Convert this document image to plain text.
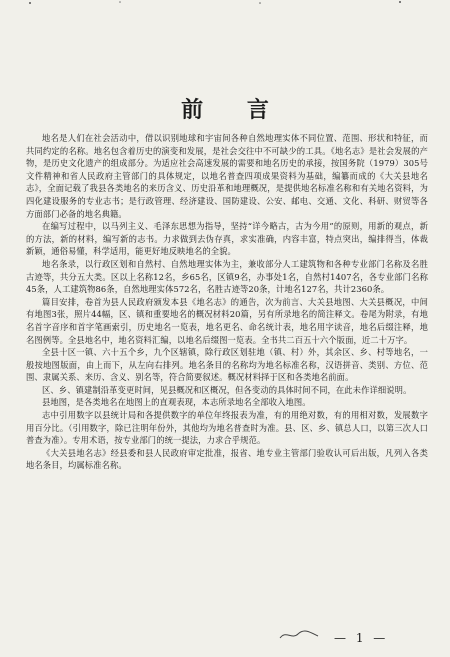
前 言

地名是人们在社会活动中，借以识别地球和宇宙间各种自然地理实体不同位置、范围、形状和特征，而共同约定的名称。地名包含着历史的演变和发展，是社会交往中不可缺少的工具。《地名志》是社会发展的产物，是历史文化遗产的组成部分。为适应社会高速发展的需要和地名历史的承接，按国务院（1979）305号文件精神和省人民政府主管部门的具体规定，以地名普查四项成果资料为基础，编纂而成的《大关县地名志》，全面记载了我县各类地名的来历含义、历史沿革和地理概况，是提供地名标准名称和有关地名资料，为四化建设服务的专业志书；是行政管理、经济建设、国防建设、公安、邮电、交通、文化、科研、财贸等各方面部门必备的地名典籍。

在编写过程中，以马列主义、毛泽东思想为指导，坚持“详今略古，古为今用”的原则，用新的观点，新的方法，新的材料，编写新的志书。力求做到去伪存真，求实准确，内容丰富，特点突出，编排得当，体裁新颖，通俗易懂，科学适用，能更好地反映地名的全貌。

地名条录，以行政区划和自然村、自然地理实体为主，兼收部分人工建筑物和各种专业部门名称及名胜古迹等，共分五大类。区以上名称12名，乡65名，区镇9名，办事处1名，自然村1407名，各专业部门名称45条，人工建筑物86条，自然地理实体572名，名胜古迹等20条，计地名127名，共计2360条。

篇目安排，卷首为县人民政府颁发本县《地名志》的通告，次为前言、大关县地图、大关县概况，中间有地图3张，照片44幅，区、镇和重要地名的概况材料20篇，另有所录地名的简注释文。卷尾为附录，有地名首字音序和首字笔画索引，历史地名一览表，地名更名、命名统计表，地名用字读音，地名后缀注释，地名图例等。全县地名中，地名资料汇编，以地名后缀图一览表。全书共二百五十六个版面，近二十万字。

全县十区一镇、六十五个乡，九个区辖镇，除行政区划驻地（镇、村）外，其余区、乡、村等地名，一般按地图版面，由上而下，从左向右排列。地名条目的名称均为地名标准名称，汉语拼音、类别、方位、范围、隶属关系、来历、含义、别名等，符合简要叙述。概况材料择于区和各类地名前面。

区、乡、镇建制沿革变更时间，见县概况和区概况，但各变动的具体时间不同，在此未作详细说明。

县地图，是各类地名在地图上的直观表现，本志所录地名全部收入地图。

志中引用数字以县统计局和各提供数字的单位年终报表为准，有的用绝对数，有的用相对数，发展数字用百分比。（引用数字，除已注明年份外，其他均为地名普查时为准。县、区、乡、镇总人口，以第三次人口普查为准）。专用术语，按专业部门的统一提法，力求合乎规范。

《大关县地名志》经县委和县人民政府审定批准，报省、地专业主管部门验收认可后出版，凡列入各类地名条目，均属标准名称。

— 1 —
